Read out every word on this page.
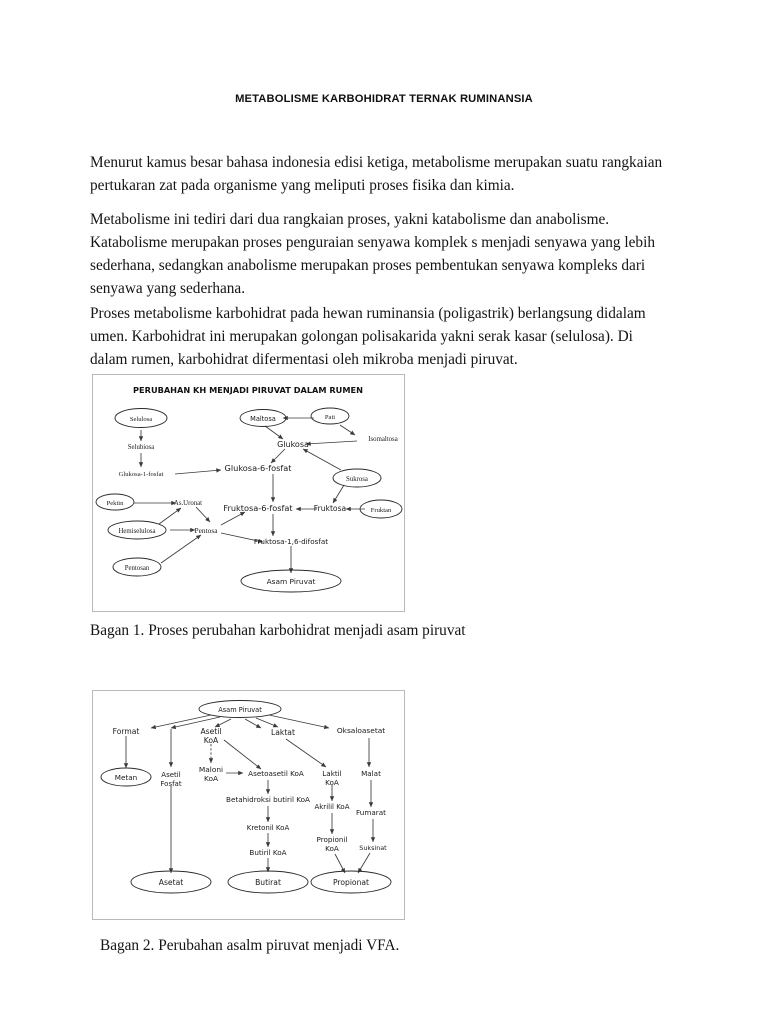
METABOLISME KARBOHIDRAT TERNAK RUMINANSIA
Menurut kamus besar bahasa indonesia edisi ketiga, metabolisme merupakan suatu rangkaian pertukaran zat pada organisme yang meliputi proses fisika dan kimia.
Metabolisme ini tediri dari dua rangkaian proses, yakni katabolisme dan anabolisme. Katabolisme merupakan proses penguraian senyawa komplek s menjadi senyawa yang lebih sederhana, sedangkan anabolisme merupakan proses pembentukan senyawa kompleks dari senyawa yang sederhana.
Proses metabolisme karbohidrat pada hewan ruminansia (poligastrik) berlangsung didalam umen. Karbohidrat ini merupakan golongan polisakarida yakni serak kasar (selulosa). Di dalam rumen, karbohidrat difermentasi oleh mikroba menjadi piruvat.
PERUBAHAN KH MENJADI PIRUVAT DALAM RUMEN
Selulosa
Selubiosa
Glukosa-1-fosfat
Glukosa-6-fosfat
Maltosa	Pati
Isomaltosa
Glukosa
Sukrosa
Pektin	As.Uronat
Hemiselulosa	Pentosa
Pentosan
Fruktosa-6-fosfat	Fruktosa	Fruktan
Fruktosa-1,6-difosfat
Asam Piruvat
Bagan 1. Proses perubahan karbohidrat menjadi asam piruvat
Asam Piruvat
Format
Metan	Asetil
Fosfat
Asetil
KoA
Maloni
KoA
Asetoasetil KoA
Laktat	Oksaloasetat
Laktil
KoA
Malat
Betahidroksi butiril KoA
Akrilil KoA
Fumarat
Kretonil KoA
Propionil
KoA	Suksinat
Butiril KoA
Asetat	Butirat	Propionat
Bagan 2. Perubahan asalm piruvat menjadi VFA.
